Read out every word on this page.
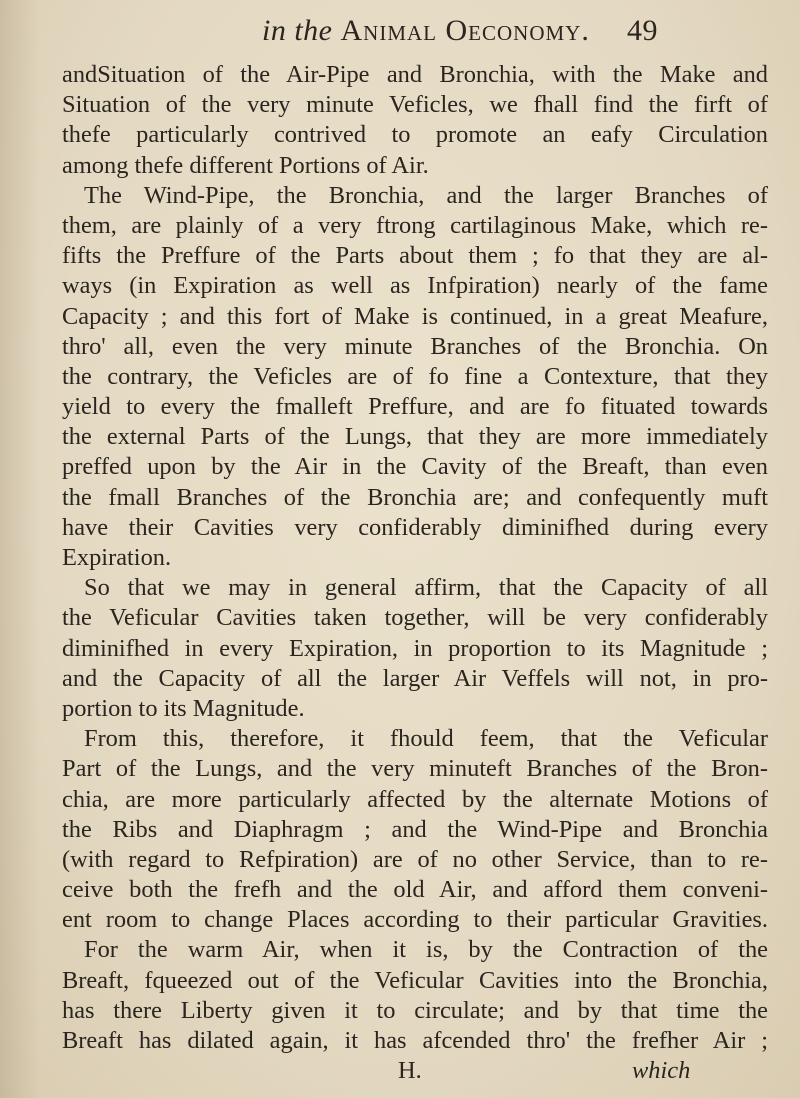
in the Animal Oeconomy. 49
andSituation of the Air-Pipe and Bronchia, with the Make and
Situation of the very minute Veficles, we fhall find the firft of
thefe particularly contrived to promote an eafy Circulation
among thefe different Portions of Air.
The Wind-Pipe, the Bronchia, and the larger Branches of
them, are plainly of a very ftrong cartilaginous Make, which re-
fifts the Preffure of the Parts about them ; fo that they are al-
ways (in Expiration as well as Infpiration) nearly of the fame
Capacity ; and this fort of Make is continued, in a great Meafure,
thro' all, even the very minute Branches of the Bronchia. On
the contrary, the Veficles are of fo fine a Contexture, that they
yield to every the fmalleft Preffure, and are fo fituated towards
the external Parts of the Lungs, that they are more immediately
preffed upon by the Air in the Cavity of the Breaft, than even
the fmall Branches of the Bronchia are; and confequently muft
have their Cavities very confiderably diminifhed during every
Expiration.
So that we may in general affirm, that the Capacity of all
the Veficular Cavities taken together, will be very confiderably
diminifhed in every Expiration, in proportion to its Magnitude ;
and the Capacity of all the larger Air Veffels will not, in pro-
portion to its Magnitude.
From this, therefore, it fhould feem, that the Veficular
Part of the Lungs, and the very minuteft Branches of the Bron-
chia, are more particularly affected by the alternate Motions of
the Ribs and Diaphragm ; and the Wind-Pipe and Bronchia
(with regard to Refpiration) are of no other Service, than to re-
ceive both the frefh and the old Air, and afford them conveni-
ent room to change Places according to their particular Gravities.
For the warm Air, when it is, by the Contraction of the
Breaft, fqueezed out of the Veficular Cavities into the Bronchia,
has there Liberty given it to circulate; and by that time the
Breaft has dilated again, it has afcended thro' the frefher Air ;
H.	which
